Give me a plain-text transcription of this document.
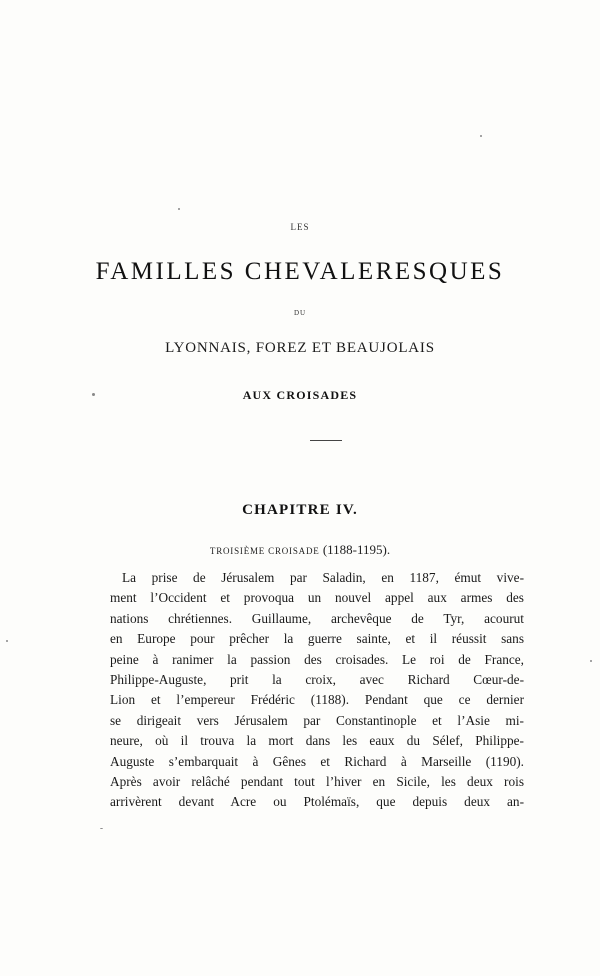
LES
FAMILLES CHEVALERESQUES
DU
LYONNAIS, FOREZ ET BEAUJOLAIS
AUX CROISADES
CHAPITRE IV.
TROISIÈME CROISADE (1188-1195).
La prise de Jérusalem par Saladin, en 1187, émut vive-
ment l’Occident et provoqua un nouvel appel aux armes des
nations chrétiennes. Guillaume, archevêque de Tyr, acourut
en Europe pour prêcher la guerre sainte, et il réussit sans
peine à ranimer la passion des croisades. Le roi de France,
Philippe-Auguste, prit la croix, avec Richard Cœur-de-
Lion et l’empereur Frédéric (1188). Pendant que ce dernier
se dirigeait vers Jérusalem par Constantinople et l’Asie mi-
neure, où il trouva la mort dans les eaux du Sélef, Philippe-
Auguste s’embarquait à Gênes et Richard à Marseille (1190).
Après avoir relâché pendant tout l’hiver en Sicile, les deux rois
arrivèrent devant Acre ou Ptolémaïs, que depuis deux an-
